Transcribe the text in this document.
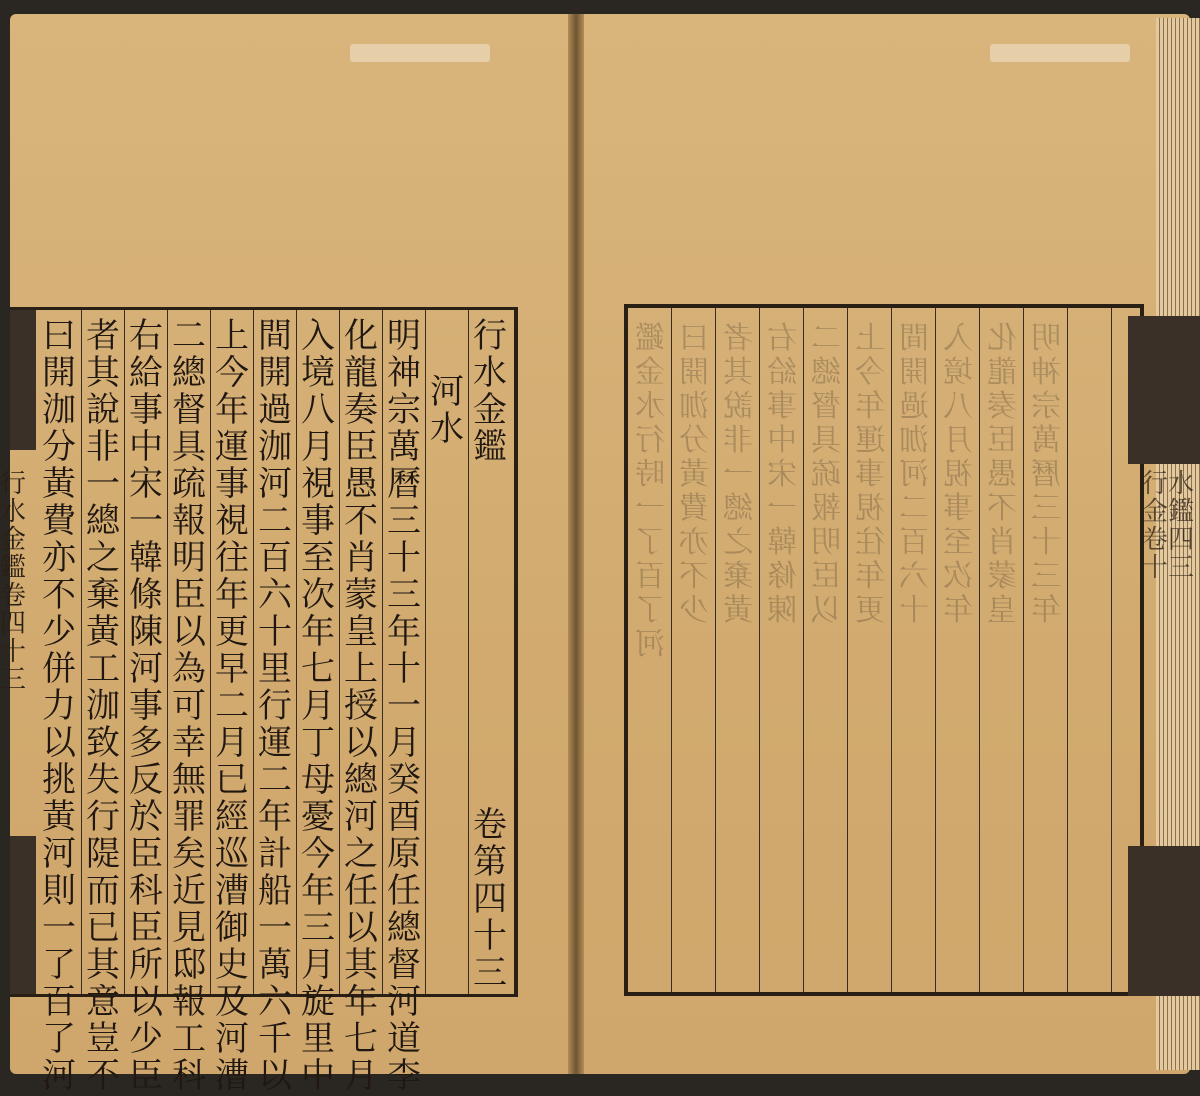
行水金鑑卷四十三
曰開泇分黃費亦不少併力以挑黃河則一了百了河
者其說非一總之棄黃工泇致失行隄而已其意豈不
右給事中宋一韓條陳河事多反於臣科臣所以少臣
二總督具疏報明臣以為可幸無罪矣近見邸報工科
上今年運事視往年更早二月已經巡漕御史及河漕
間開過泇河二百六十里行運二年計船一萬六千以
入境八月視事至次年七月丁母憂今年三月旋里中
化龍奏臣愚不肖蒙皇上授以總河之任以其年七月
明神宗萬曆三十三年十一月癸酉原任總督河道李
河水
行水金鑑
卷第四十三
鑑金水行時一了百了河
曰開泇分黃費亦不少
者其說非一總之棄黃
右給事中宋一韓條陳
二總督具疏報明臣以
上今年運事視往年更
間開過泇河二百六十
入境八月視事至次年
化龍奏臣愚不肖蒙皇
明神宗萬曆三十三年
行水金鑑卷四十三
